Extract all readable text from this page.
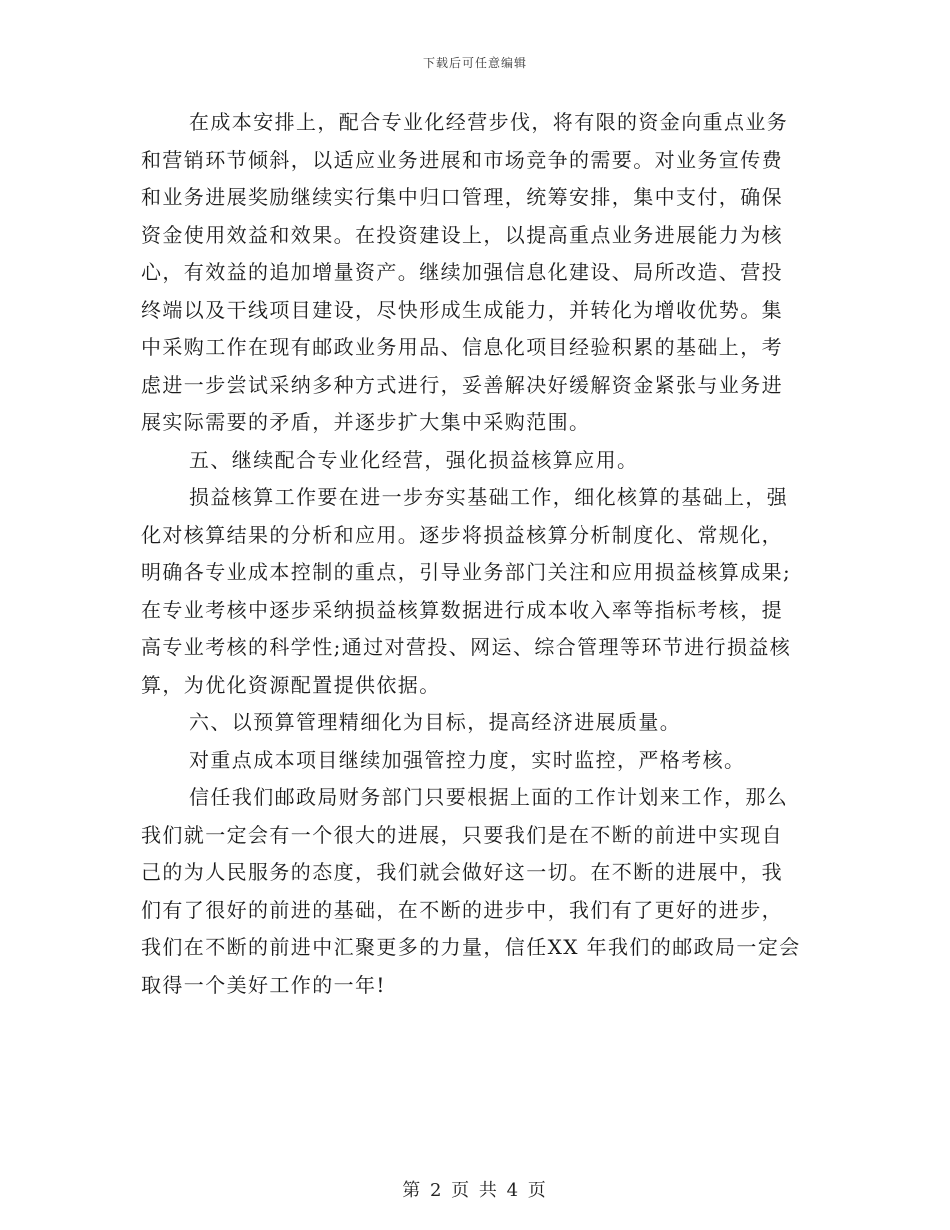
下载后可任意编辑
在成本安排上，配合专业化经营步伐，将有限的资金向重点业务
和营销环节倾斜，以适应业务进展和市场竞争的需要。对业务宣传费
和业务进展奖励继续实行集中归口管理，统筹安排，集中支付，确保
资金使用效益和效果。在投资建设上，以提高重点业务进展能力为核
心，有效益的追加增量资产。继续加强信息化建设、局所改造、营投
终端以及干线项目建设，尽快形成生成能力，并转化为增收优势。集
中采购工作在现有邮政业务用品、信息化项目经验积累的基础上，考
虑进一步尝试采纳多种方式进行，妥善解决好缓解资金紧张与业务进
展实际需要的矛盾，并逐步扩大集中采购范围。
五、继续配合专业化经营，强化损益核算应用。
损益核算工作要在进一步夯实基础工作，细化核算的基础上，强
化对核算结果的分析和应用。逐步将损益核算分析制度化、常规化，
明确各专业成本控制的重点，引导业务部门关注和应用损益核算成果;
在专业考核中逐步采纳损益核算数据进行成本收入率等指标考核，提
高专业考核的科学性;通过对营投、网运、综合管理等环节进行损益核
算，为优化资源配置提供依据。
六、以预算管理精细化为目标，提高经济进展质量。
对重点成本项目继续加强管控力度，实时监控，严格考核。
信任我们邮政局财务部门只要根据上面的工作计划来工作，那么
我们就一定会有一个很大的进展，只要我们是在不断的前进中实现自
己的为人民服务的态度，我们就会做好这一切。在不断的进展中，我
们有了很好的前进的基础，在不断的进步中，我们有了更好的进步，
我们在不断的前进中汇聚更多的力量，信任XX 年我们的邮政局一定会
取得一个美好工作的一年!
第 2 页 共 4 页
